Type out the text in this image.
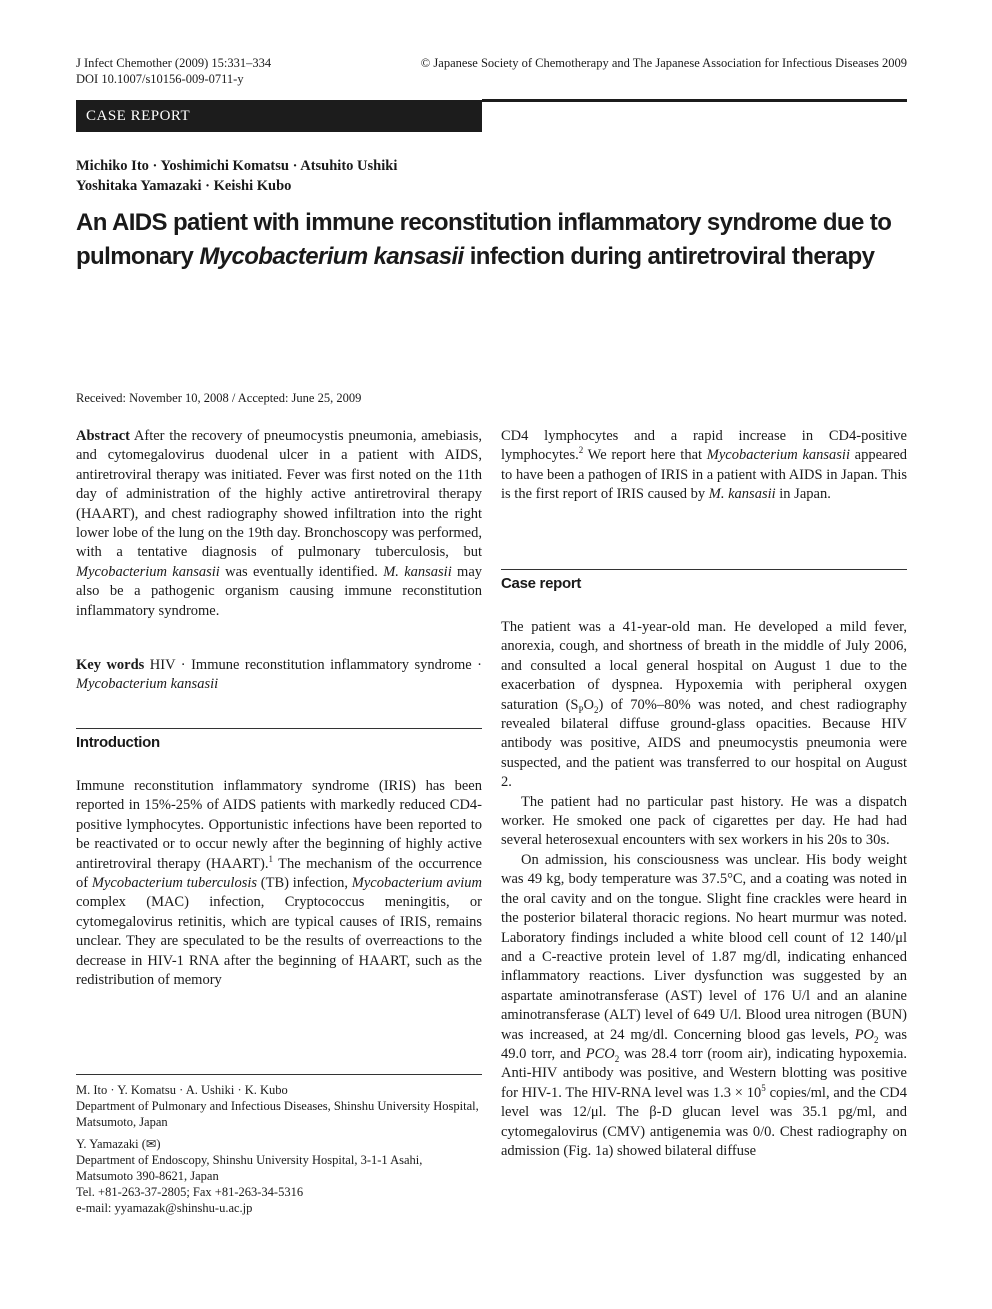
J Infect Chemother (2009) 15:331–334
DOI 10.1007/s10156-009-0711-y
© Japanese Society of Chemotherapy and The Japanese Association for Infectious Diseases 2009
CASE REPORT
Michiko Ito · Yoshimichi Komatsu · Atsuhito Ushiki
Yoshitaka Yamazaki · Keishi Kubo
An AIDS patient with immune reconstitution inflammatory syndrome due to
pulmonary Mycobacterium kansasii infection during antiretroviral therapy
Received: November 10, 2008 / Accepted: June 25, 2009

Abstract After the recovery of pneumocystis pneumonia, amebiasis, and cytomegalovirus duodenal ulcer in a patient with AIDS, antiretroviral therapy was initiated. Fever was first noted on the 11th day of administration of the highly active antiretroviral therapy (HAART), and chest radiography showed infiltration into the right lower lobe of the lung on the 19th day. Bronchoscopy was performed, with a tentative diagnosis of pulmonary tuberculosis, but Mycobacterium kansasii was eventually identified. M. kansasii may also be a pathogenic organism causing immune reconstitution inflammatory syndrome.

Key words HIV · Immune reconstitution inflammatory syndrome · Mycobacterium kansasii

Introduction

Immune reconstitution inflammatory syndrome (IRIS) has been reported in 15%-25% of AIDS patients with markedly reduced CD4-positive lymphocytes. Opportunistic infections have been reported to be reactivated or to occur newly after the beginning of highly active antiretroviral therapy (HAART).$^1$ The mechanism of the occurrence of Mycobacterium tuberculosis (TB) infection, Mycobacterium avium complex (MAC) infection, Cryptococcus meningitis, or cytomegalovirus retinitis, which are typical causes of IRIS, remains unclear. They are speculated to be the results of overreactions to the decrease in HIV-1 RNA after the beginning of HAART, such as the redistribution of memory

M. Ito · Y. Komatsu · A. Ushiki · K. Kubo

Department of Pulmonary and Infectious Diseases, Shinshu University Hospital, Matsumoto, Japan

Y. Yamazaki (✉)

Department of Endoscopy, Shinshu University Hospital, 3-1-1 Asahi, Matsumoto 390-8621, Japan

Tel. +81-263-37-2805; Fax +81-263-34-5316

e-mail: yyamazak@shinshu-u.ac.jp

CD4 lymphocytes and a rapid increase in CD4-positive lymphocytes.$^2$ We report here that Mycobacterium kansasii appeared to have been a pathogen of IRIS in a patient with AIDS in Japan. This is the first report of IRIS caused by M. kansasii in Japan.

Case report

The patient was a 41-year-old man. He developed a mild fever, anorexia, cough, and shortness of breath in the middle of July 2006, and consulted a local general hospital on August 1 due to the exacerbation of dyspnea. Hypoxemia with peripheral oxygen saturation $(S_PO_2)$ of 70%–80% was noted, and chest radiography revealed bilateral diffuse ground-glass opacities. Because HIV antibody was positive, AIDS and pneumocystis pneumonia were suspected, and the patient was transferred to our hospital on August 2.

The patient had no particular past history. He was a dispatch worker. He smoked one pack of cigarettes per day. He had had several heterosexual encounters with sex workers in his 20s to 30s.

On admission, his consciousness was unclear. His body weight was 49 kg, body temperature was 37.5°C, and a coating was noted in the oral cavity and on the tongue. Slight fine crackles were heard in the posterior bilateral thoracic regions. No heart murmur was noted. Laboratory findings included a white blood cell count of 12 140/μl and a C-reactive protein level of 1.87 mg/dl, indicating enhanced inflammatory reactions. Liver dysfunction was suggested by an aspartate aminotransferase (AST) level of 176 U/l and an alanine aminotransferase (ALT) level of 649 U/l. Blood urea nitrogen (BUN) was increased, at 24 mg/dl. Concerning blood gas levels, $PO_2$ was 49.0 torr, and $PCO_2$ was 28.4 torr (room air), indicating hypoxemia. Anti-HIV antibody was positive, and Western blotting was positive for HIV-1. The HIV-RNA level was $1.3 \times 10^5$ copies/ml, and the CD4 level was 12/μl. The β-D glucan level was 35.1 pg/ml, and cytomegalovirus (CMV) antigenemia was 0/0. Chest radiography on admission (Fig. 1a) showed bilateral diffuse
